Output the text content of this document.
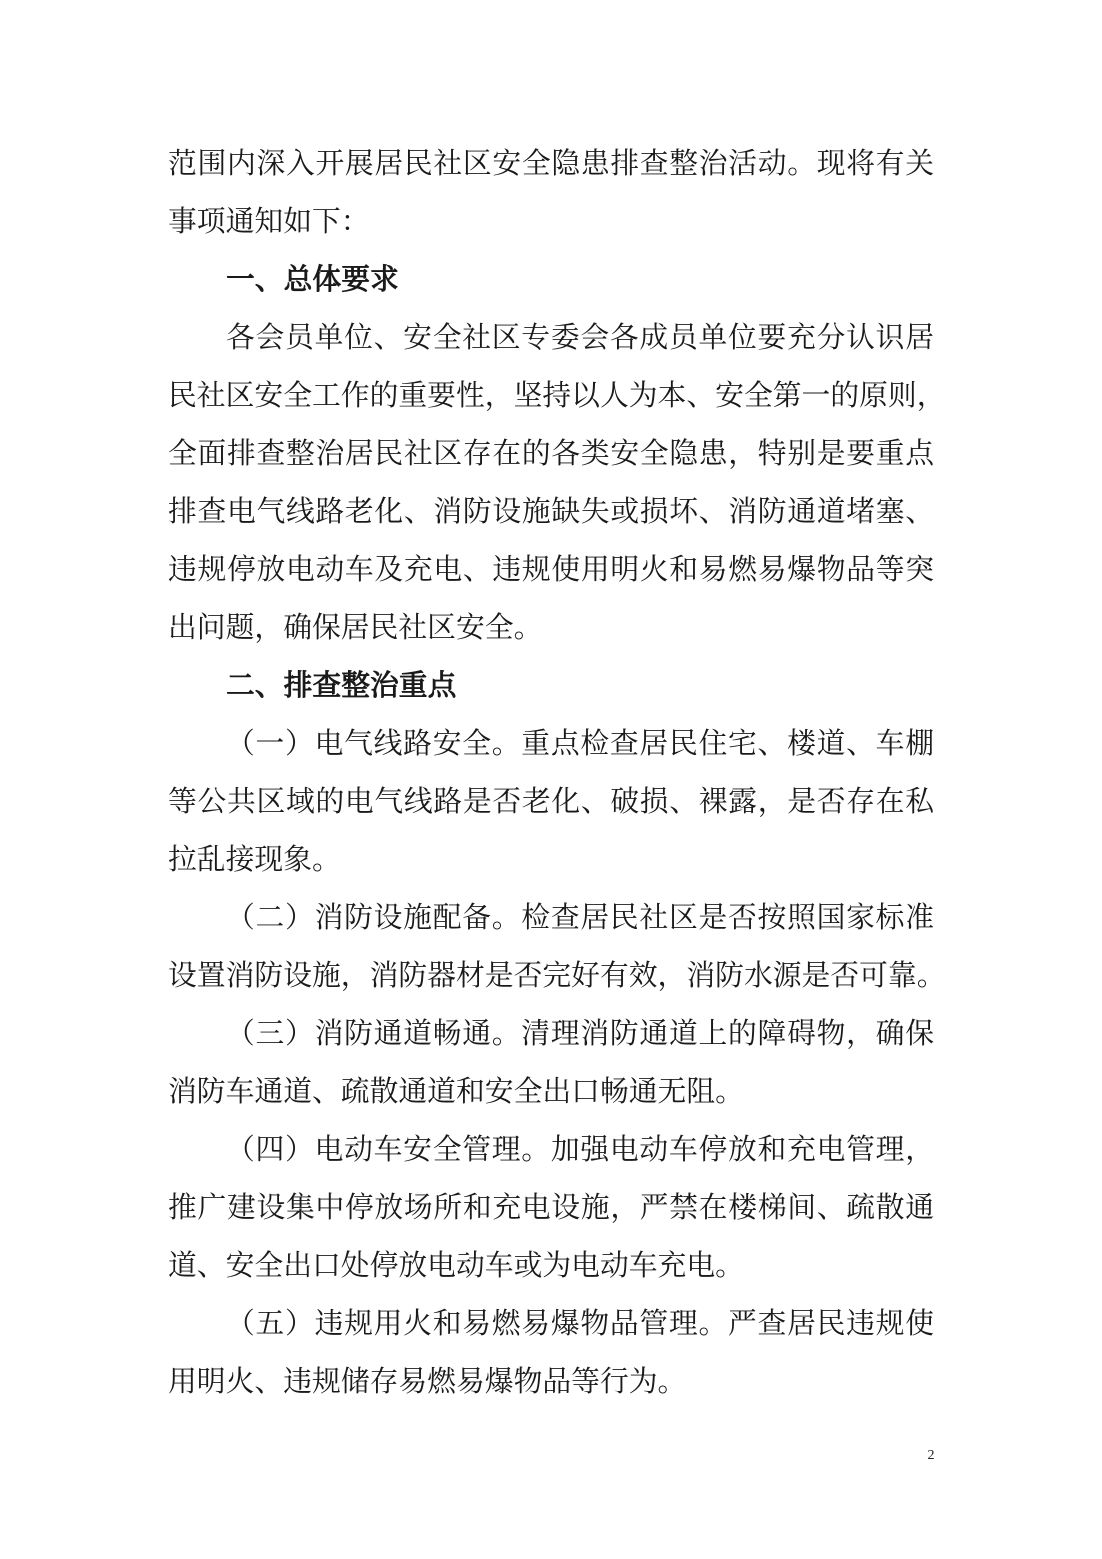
范围内深入开展居民社区安全隐患排查整治活动。现将有关
事项通知如下：
一、总体要求
各会员单位、安全社区专委会各成员单位要充分认识居
民社区安全工作的重要性，坚持以人为本、安全第一的原则，
全面排查整治居民社区存在的各类安全隐患，特别是要重点
排查电气线路老化、消防设施缺失或损坏、消防通道堵塞、
违规停放电动车及充电、违规使用明火和易燃易爆物品等突
出问题，确保居民社区安全。
二、排查整治重点
（一）电气线路安全。重点检查居民住宅、楼道、车棚
等公共区域的电气线路是否老化、破损、裸露，是否存在私
拉乱接现象。
（二）消防设施配备。检查居民社区是否按照国家标准
设置消防设施，消防器材是否完好有效，消防水源是否可靠。
（三）消防通道畅通。清理消防通道上的障碍物，确保
消防车通道、疏散通道和安全出口畅通无阻。
（四）电动车安全管理。加强电动车停放和充电管理，
推广建设集中停放场所和充电设施，严禁在楼梯间、疏散通
道、安全出口处停放电动车或为电动车充电。
（五）违规用火和易燃易爆物品管理。严查居民违规使
用明火、违规储存易燃易爆物品等行为。
2
